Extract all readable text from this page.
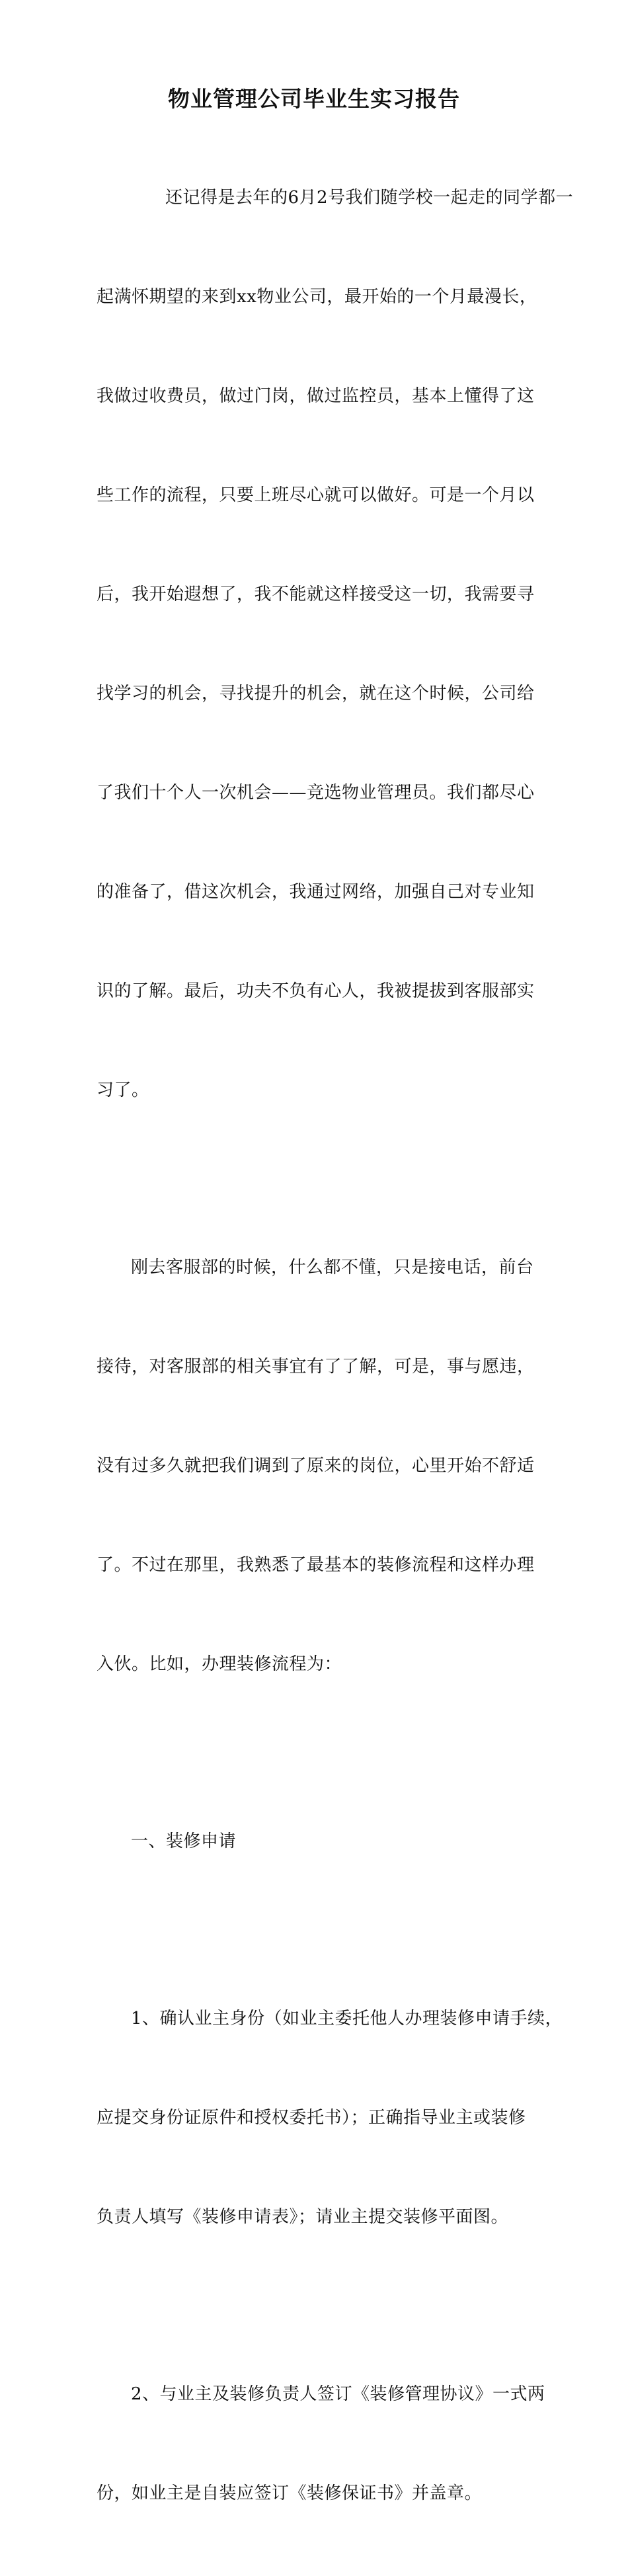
物业管理公司毕业生实习报告

还记得是去年的6月2号我们随学校一起走的同学都一

起满怀期望的来到xx物业公司，最开始的一个月最漫长，

我做过收费员，做过门岗，做过监控员，基本上懂得了这

些工作的流程，只要上班尽心就可以做好。可是一个月以

后，我开始遐想了，我不能就这样接受这一切，我需要寻

找学习的机会，寻找提升的机会，就在这个时候，公司给

了我们十个人一次机会——竞选物业管理员。我们都尽心

的准备了，借这次机会，我通过网络，加强自己对专业知

识的了解。最后，功夫不负有心人，我被提拔到客服部实

习了。

刚去客服部的时候，什么都不懂，只是接电话，前台

接待，对客服部的相关事宜有了了解，可是，事与愿违，

没有过多久就把我们调到了原来的岗位，心里开始不舒适

了。不过在那里，我熟悉了最基本的装修流程和这样办理

入伙。比如，办理装修流程为：

一、装修申请

1、确认业主身份（如业主委托他人办理装修申请手续，

应提交身份证原件和授权委托书）；正确指导业主或装修

负责人填写《装修申请表》；请业主提交装修平面图。

2、与业主及装修负责人签订《装修管理协议》一式两

份，如业主是自装应签订《装修保证书》并盖章。
